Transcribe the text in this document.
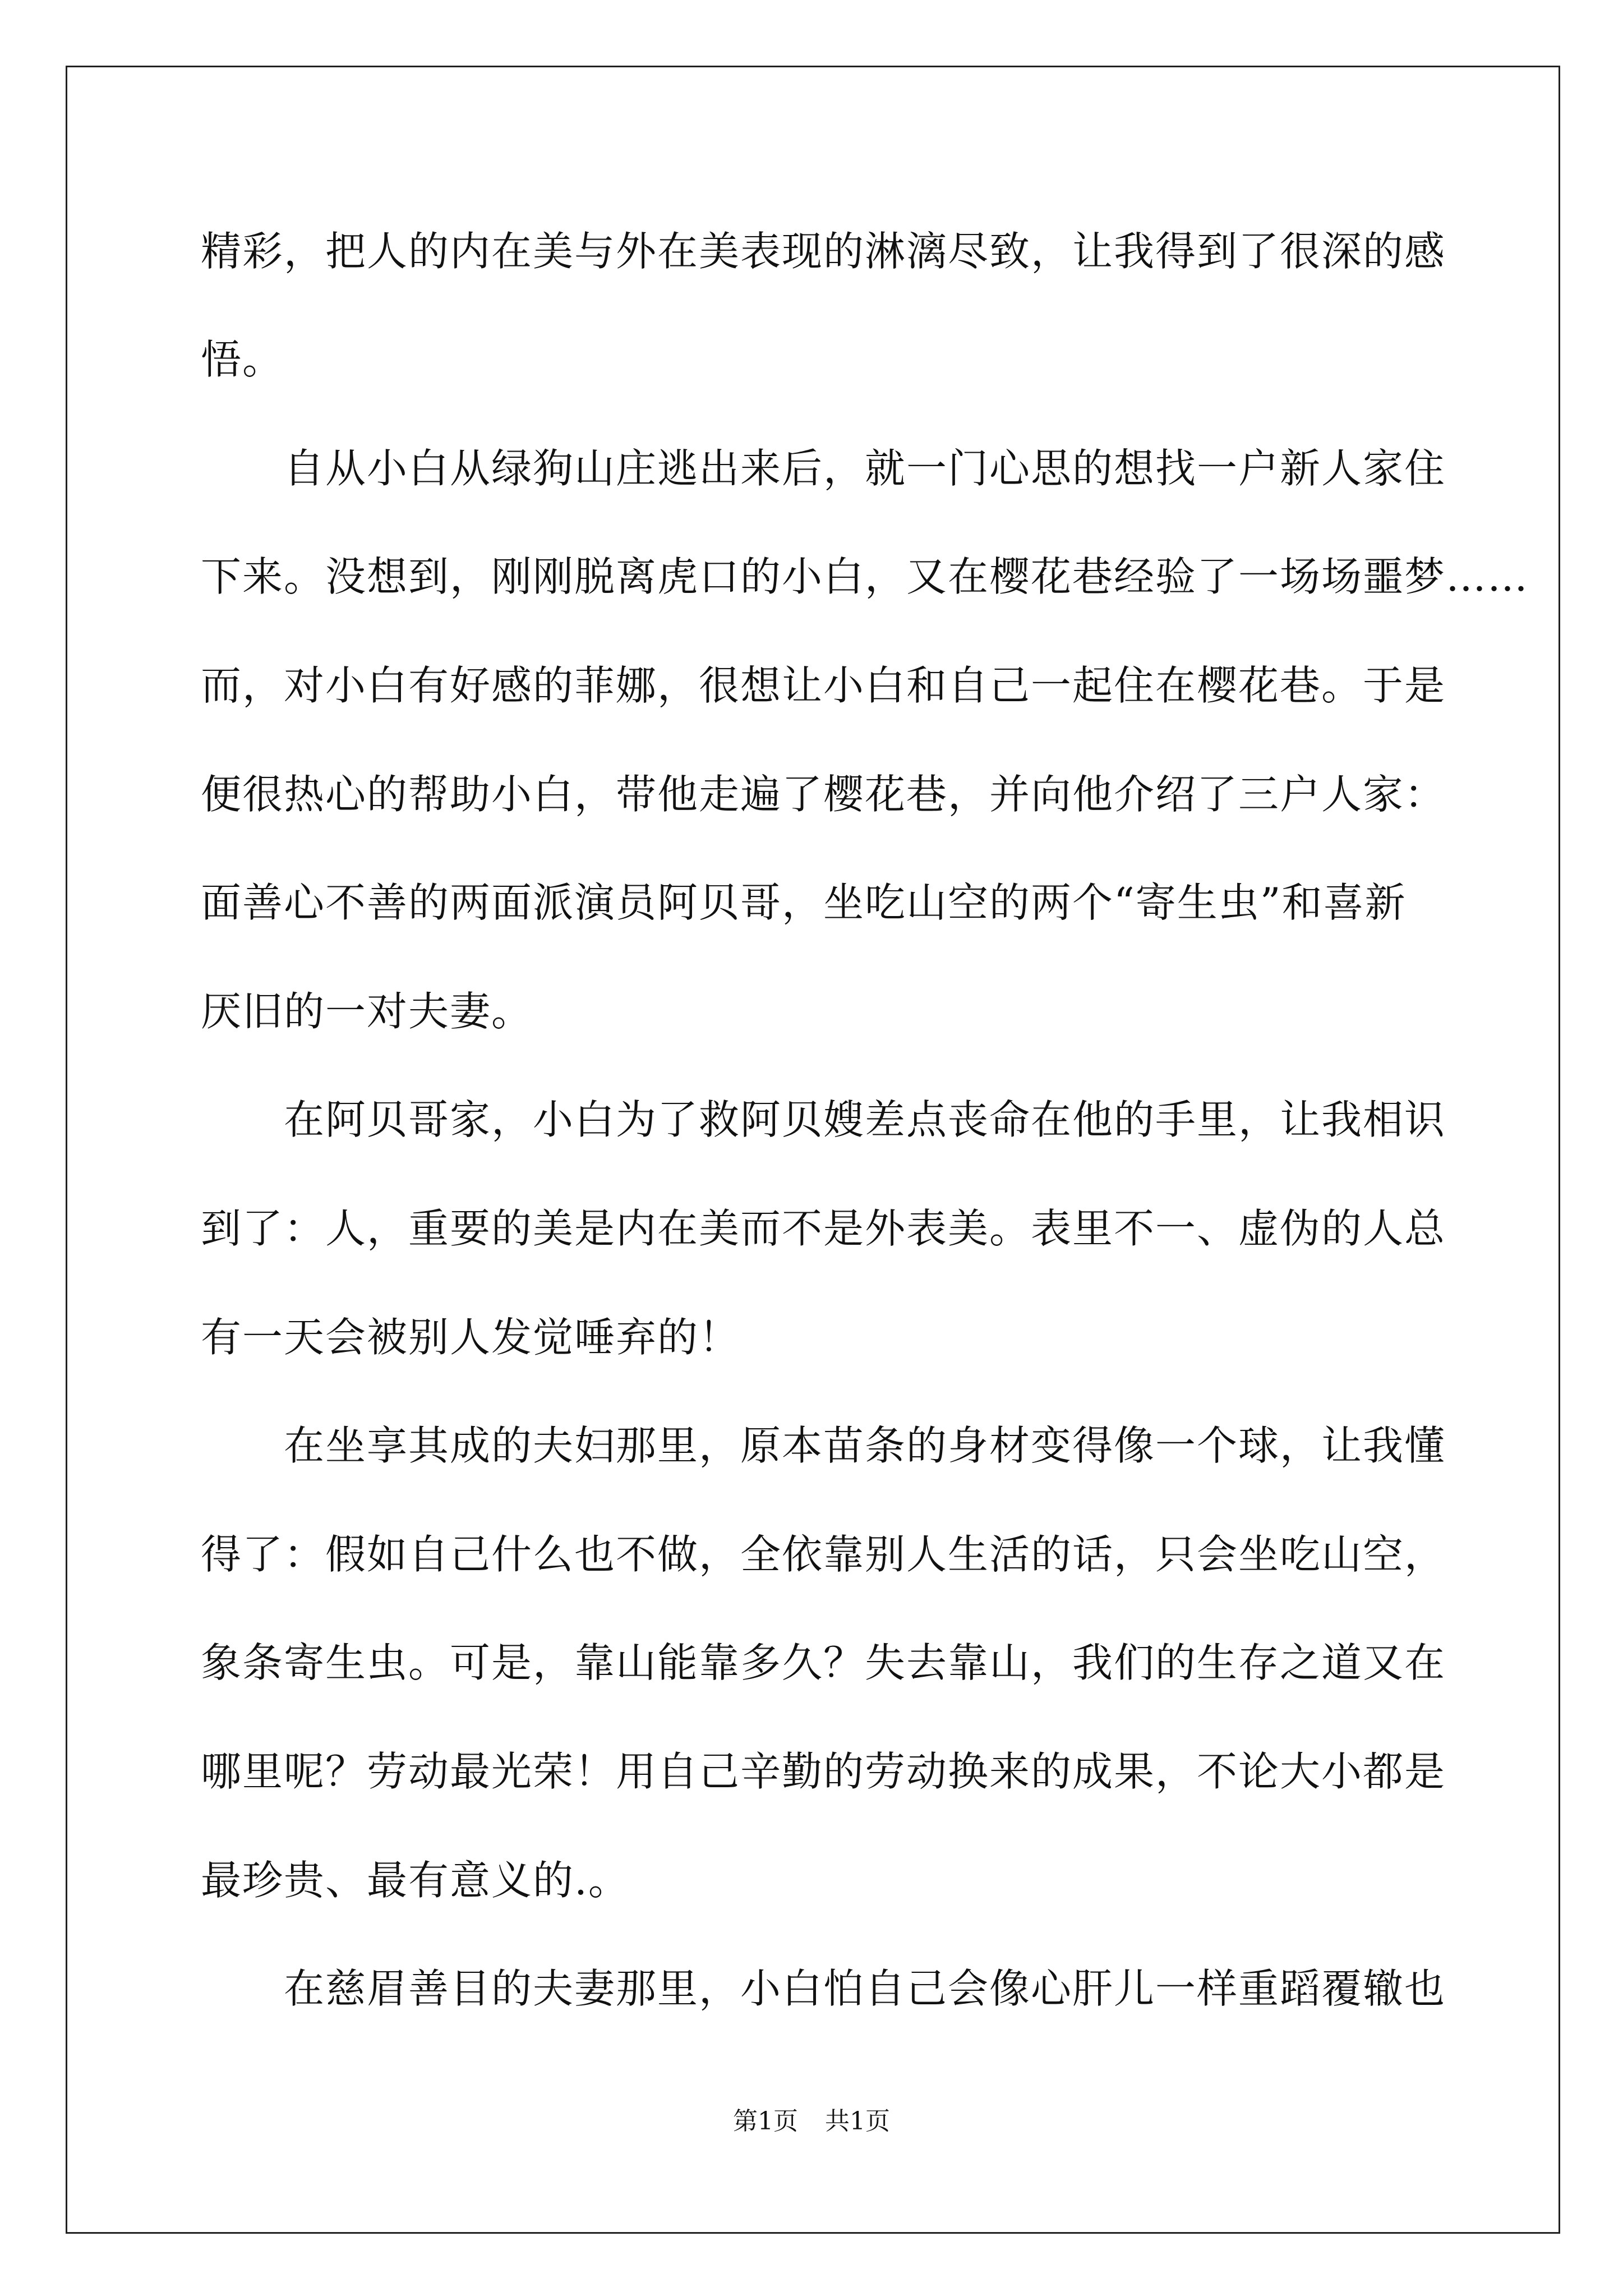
精彩，把人的内在美与外在美表现的淋漓尽致，让我得到了很深的感

悟。

　　自从小白从绿狗山庄逃出来后，就一门心思的想找一户新人家住

下来。没想到，刚刚脱离虎口的小白，又在樱花巷经验了一场场噩梦……

而，对小白有好感的菲娜，很想让小白和自己一起住在樱花巷。于是

便很热心的帮助小白，带他走遍了樱花巷，并向他介绍了三户人家：

面善心不善的两面派演员阿贝哥，坐吃山空的两个“寄生虫”和喜新

厌旧的一对夫妻。

　　在阿贝哥家，小白为了救阿贝嫂差点丧命在他的手里，让我相识

到了：人，重要的美是内在美而不是外表美。表里不一、虚伪的人总

有一天会被别人发觉唾弃的！

　　在坐享其成的夫妇那里，原本苗条的身材变得像一个球，让我懂

得了：假如自己什么也不做，全依靠别人生活的话，只会坐吃山空，

象条寄生虫。可是，靠山能靠多久？失去靠山，我们的生存之道又在

哪里呢？劳动最光荣！用自己辛勤的劳动换来的成果，不论大小都是

最珍贵、最有意义的.。

　　在慈眉善目的夫妻那里，小白怕自己会像心肝儿一样重蹈覆辙也

第1页 共1页
